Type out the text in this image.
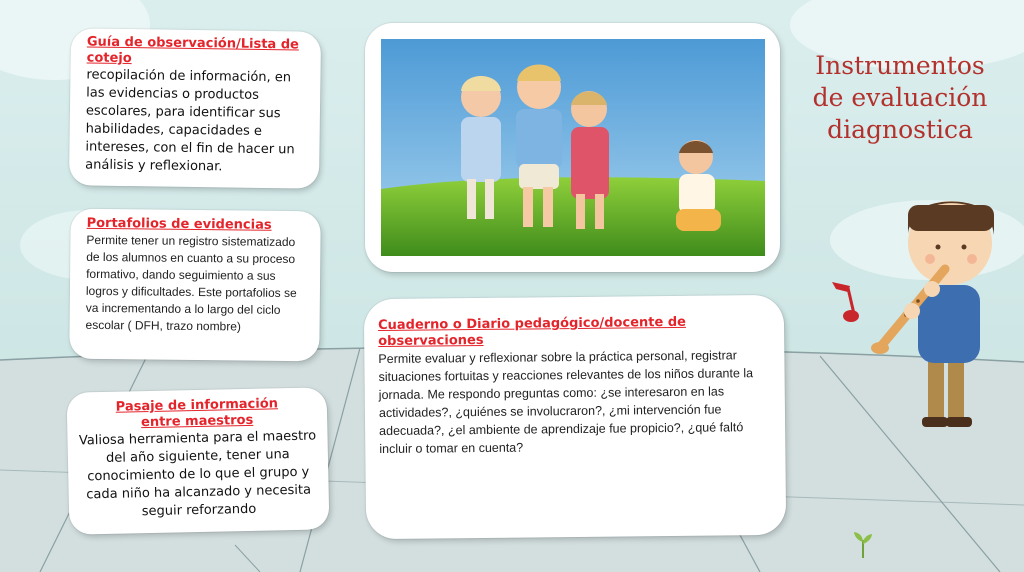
Guía de observación/Lista de cotejo
recopilación de información, en las evidencias o productos escolares, para identificar sus habilidades, capacidades e intereses, con el fin de hacer un análisis y reflexionar.
Portafolios de evidencias
Permite tener un registro sistematizado de los alumnos en cuanto a su proceso formativo, dando seguimiento a sus logros y dificultades. Este portafolios se va incrementando a lo largo del ciclo escolar ( DFH, trazo nombre)
Pasaje de información entre maestros
Valiosa herramienta para el maestro del año siguiente, tener una conocimiento de lo que el grupo y cada niño ha alcanzado y necesita seguir reforzando
Instrumentos
de evaluación
diagnostica
Cuaderno o Diario pedagógico/docente de observaciones
Permite evaluar y reflexionar sobre la práctica personal, registrar situaciones fortuitas y reacciones relevantes de los niños durante la jornada. Me respondo preguntas como: ¿se interesaron en las actividades?, ¿quiénes se involucraron?, ¿mi intervención fue adecuada?, ¿el ambiente de aprendizaje fue propicio?, ¿qué faltó incluir o tomar en cuenta?
